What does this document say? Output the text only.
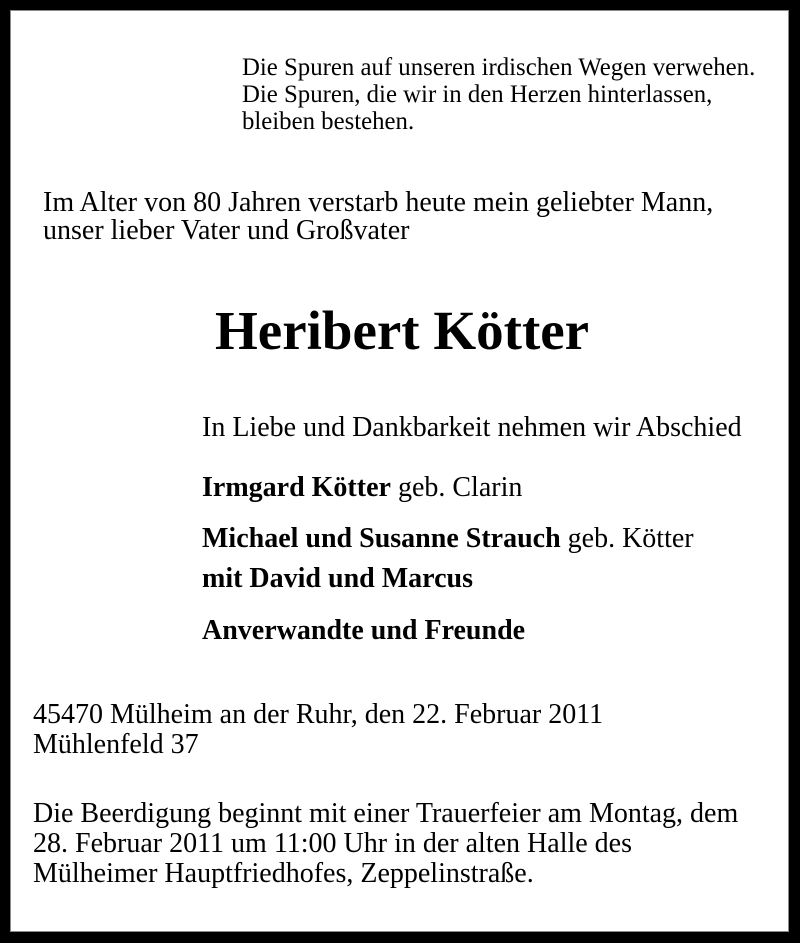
Die Spuren auf unseren irdischen Wegen verwehen.
Die Spuren, die wir in den Herzen hinterlassen,
bleiben bestehen.
Im Alter von 80 Jahren verstarb heute mein geliebter Mann,
unser lieber Vater und Großvater
Heribert Kötter
In Liebe und Dankbarkeit nehmen wir Abschied
Irmgard Kötter geb. Clarin
Michael und Susanne Strauch geb. Kötter
mit David und Marcus
Anverwandte und Freunde
45470 Mülheim an der Ruhr, den 22. Februar 2011
Mühlenfeld 37
Die Beerdigung beginnt mit einer Trauerfeier am Montag, dem
28. Februar 2011 um 11:00 Uhr in der alten Halle des
Mülheimer Hauptfriedhofes, Zeppelinstraße.
